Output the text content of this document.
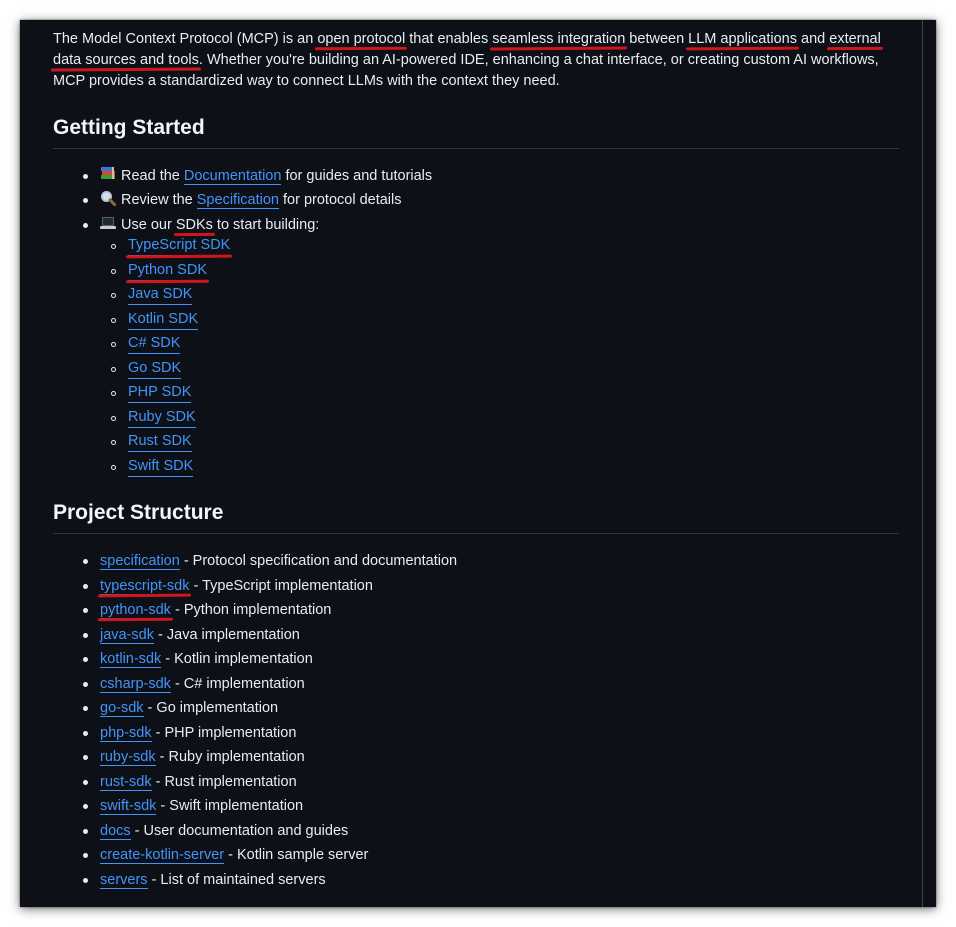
The Model Context Protocol (MCP) is an open protocol that enables seamless integration between LLM applications and external data sources and tools. Whether you're building an AI-powered IDE, enhancing a chat interface, or creating custom AI workflows,
MCP provides a standardized way to connect LLMs with the context they need.

Getting Started
Read the Documentation for guides and tutorials
Review the Specification for protocol details
Use our SDKs to start building:
TypeScript SDK
Python SDK
Java SDK
Kotlin SDK
C# SDK
Go SDK
PHP SDK
Ruby SDK
Rust SDK
Swift SDK
Project Structure
specification - Protocol specification and documentation
typescript-sdk - TypeScript implementation
python-sdk - Python implementation
java-sdk - Java implementation
kotlin-sdk - Kotlin implementation
csharp-sdk - C# implementation
go-sdk - Go implementation
php-sdk - PHP implementation
ruby-sdk - Ruby implementation
rust-sdk - Rust implementation
swift-sdk - Swift implementation
docs - User documentation and guides
create-kotlin-server - Kotlin sample server
servers - List of maintained servers
